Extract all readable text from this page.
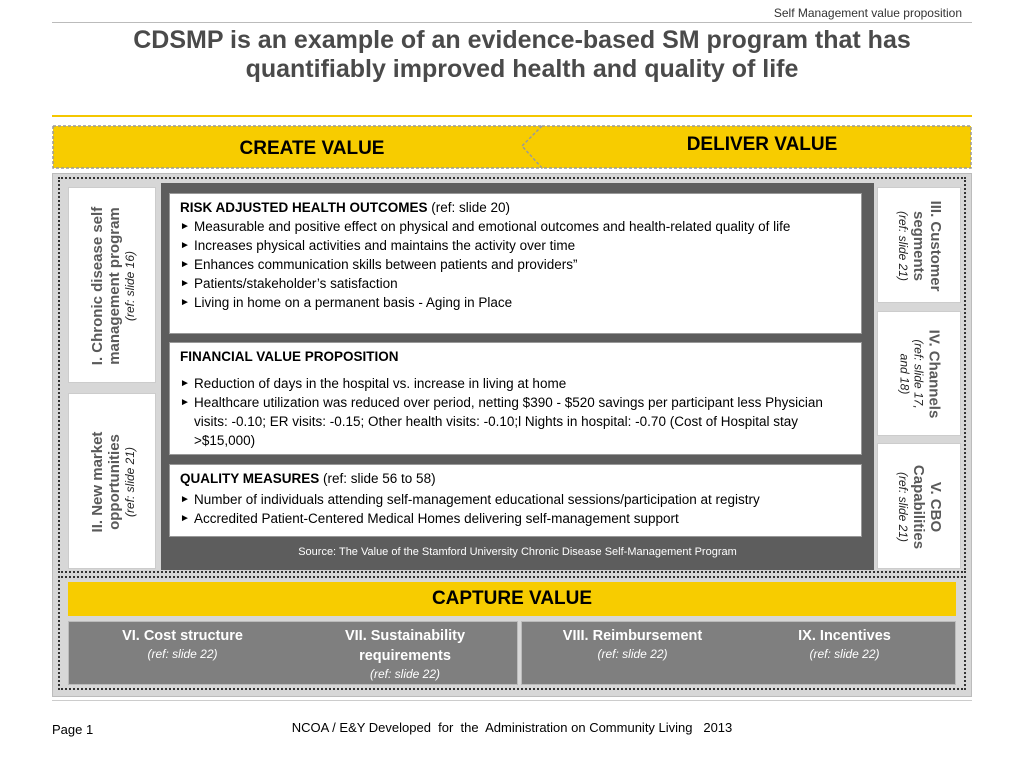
Self Management value proposition
CDSMP is an example of an evidence-based SM program that has
quantifiably improved health and quality of life
CREATE VALUE	DELIVER VALUE
I. Chronic disease self management program (ref: slide 16)
II. New market opportunities (ref: slide 21)
III. Customer
segments
(ref: slide 21)
IV. Channels
(ref: slide 17,
and 18)
V. CBO
Capabilities
(ref: slide 21)
RISK ADJUSTED HEALTH OUTCOMES (ref: slide 20)
► Measurable and positive effect on physical and emotional outcomes and health-related quality of life
► Increases physical activities and maintains the activity over time
► Enhances communication skills between patients and providers”
► Patients/stakeholder’s satisfaction
► Living in home on a permanent basis - Aging in Place
FINANCIAL VALUE PROPOSITION
► Reduction of days in the hospital vs. increase in living at home
► Healthcare utilization was reduced over period, netting $390 - $520 savings per participant less Physician visits: -0.10; ER visits: -0.15; Other health visits: -0.10;l Nights in hospital: -0.70 (Cost of Hospital stay >$15,000)
QUALITY MEASURES (ref: slide 56 to 58)
► Number of individuals attending self-management educational sessions/participation at registry
► Accredited Patient-Centered Medical Homes delivering self-management support
Source: The Value of the Stamford University Chronic Disease Self-Management Program
CAPTURE VALUE
VI. Cost structure
(ref: slide 22)
VII. Sustainability
requirements
(ref: slide 22)
VIII. Reimbursement
(ref: slide 22)
IX. Incentives
(ref: slide 22)
Page 1	NCOA / E&Y Developed  for  the  Administration on Community Living   2013
